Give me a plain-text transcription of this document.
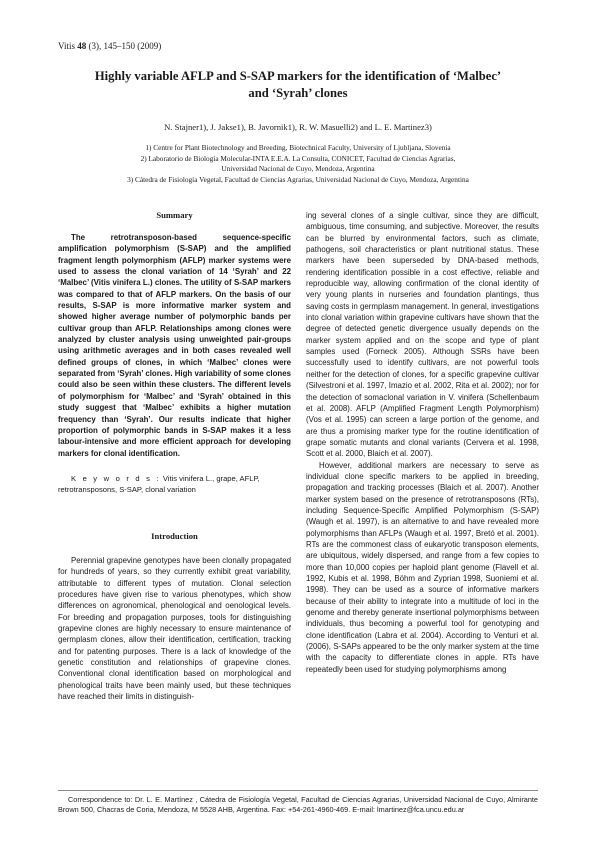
Vitis 48 (3), 145–150 (2009)
Highly variable AFLP and S-SAP markers for the identification of ‘Malbec’
and ‘Syrah’ clones
N. Stajner1), J. Jakse1), B. Javornik1), R. W. Masuelli2) and L. E. Martinez3)
1) Centre for Plant Biotechnology and Breeding, Biotechnical Faculty, University of Ljubljana, Slovenia
2) Laboratorio de Biología Molecular-INTA E.E.A. La Consulta, CONICET, Facultad de Ciencias Agrarias,
Universidad Nacional de Cuyo, Mendoza, Argentina
3) Cátedra de Fisiología Vegetal, Facultad de Ciencias Agrarias, Universidad Nacional de Cuyo, Mendoza, Argentina
Summary

The retrotransposon-based sequence-specific amplification polymorphism (S-SAP) and the amplified fragment length polymorphism (AFLP) marker systems were used to assess the clonal variation of 14 ‘Syrah’ and 22 ‘Malbec’ (Vitis vinifera L.) clones. The utility of S-SAP markers was compared to that of AFLP markers. On the basis of our results, S-SAP is more informative marker system and showed higher average number of polymorphic bands per cultivar group than AFLP. Relationships among clones were analyzed by cluster analysis using unweighted pair-groups using arithmetic averages and in both cases revealed well defined groups of clones, in which ‘Malbec’ clones were separated from ‘Syrah’ clones. High variability of some clones could also be seen within these clusters. The different levels of polymorphism for ‘Malbec’ and ‘Syrah’ obtained in this study suggest that ‘Malbec’ exhibits a higher mutation frequency than ‘Syrah’. Our results indicate that higher proportion of polymorphic bands in S-SAP makes it a less labour-intensive and more efficient approach for developing markers for clonal identification.

K e y w o r d s : Vitis vinifera L., grape, AFLP, retrotransposons, S-SAP, clonal variation

Introduction

Perennial grapevine genotypes have been clonally propagated for hundreds of years, so they currently exhibit great variability, attributable to different types of mutation. Clonal selection procedures have given rise to various phenotypes, which show differences on agronomical, phenological and oenological levels. For breeding and propagation purposes, tools for distinguishing grapevine clones are highly necessary to ensure maintenance of germplasm clones, allow their identification, certification, tracking and for patenting purposes. There is a lack of knowledge of the genetic constitution and relationships of grapevine clones. Conventional clonal identification based on morphological and phenological traits have been mainly used, but these techniques have reached their limits in distinguish-

ing several clones of a single cultivar, since they are difficult, ambiguous, time consuming, and subjective. Moreover, the results can be blurred by environmental factors, such as climate, pathogens, soil characteristics or plant nutritional status. These markers have been superseded by DNA-based methods, rendering identification possible in a cost effective, reliable and reproducible way, allowing confirmation of the clonal identity of very young plants in nurseries and foundation plantings, thus saving costs in germplasm management. In general, investigations into clonal variation within grapevine cultivars have shown that the degree of detected genetic divergence usually depends on the marker system applied and on the scope and type of plant samples used (Forneck 2005). Although SSRs have been successfully used to identify cultivars, are not powerful tools neither for the detection of clones, for a specific grapevine cultivar (Silvestroni et al. 1997, Imazio et al. 2002, Rita et al. 2002); nor for the detection of somaclonal variation in V. vinifera (Schellenbaum et al. 2008). AFLP (Amplified Fragment Length Polymorphism) (Vos et al. 1995) can screen a large portion of the genome, and are thus a promising marker type for the routine identification of grape somatic mutants and clonal variants (Cervera et al. 1998, Scott et al. 2000, Blaich et al. 2007).

However, additional markers are necessary to serve as individual clone specific markers to be applied in breeding, propagation and tracking processes (Blaich et al. 2007). Another marker system based on the presence of retrotransposons (RTs), including Sequence-Specific Amplified Polymorphism (S-SAP) (Waugh et al. 1997), is an alternative to and have revealed more polymorphisms than AFLPs (Waugh et al. 1997, Bretó et al. 2001). RTs are the commonest class of eukaryotic transposon elements, are ubiquitous, widely dispersed, and range from a few copies to more than 10,000 copies per haploid plant genome (Flavell et al. 1992, Kubis et al. 1998, Böhm and Zyprian 1998, Suoniemi et al. 1998). They can be used as a source of informative markers because of their ability to integrate into a multitude of loci in the genome and thereby generate insertional polymorphisms between individuals, thus becoming a powerful tool for genotyping and clone identification (Labra et al. 2004). According to Venturi et al. (2006), S-SAPs appeared to be the only marker system at the time with the capacity to differentiate clones in apple. RTs have repeatedly been used for studying polymorphisms among

Correspondence to: Dr. L. E. Martínez , Cátedra de Fisiología Vegetal, Facultad de Ciencias Agrarias, Universidad Nacional de Cuyo, Almirante Brown 500, Chacras de Coria, Mendoza, M 5528 AHB, Argentina. Fax: +54-261-4960-469. E-mail: lmartinez@fca.uncu.edu.ar
